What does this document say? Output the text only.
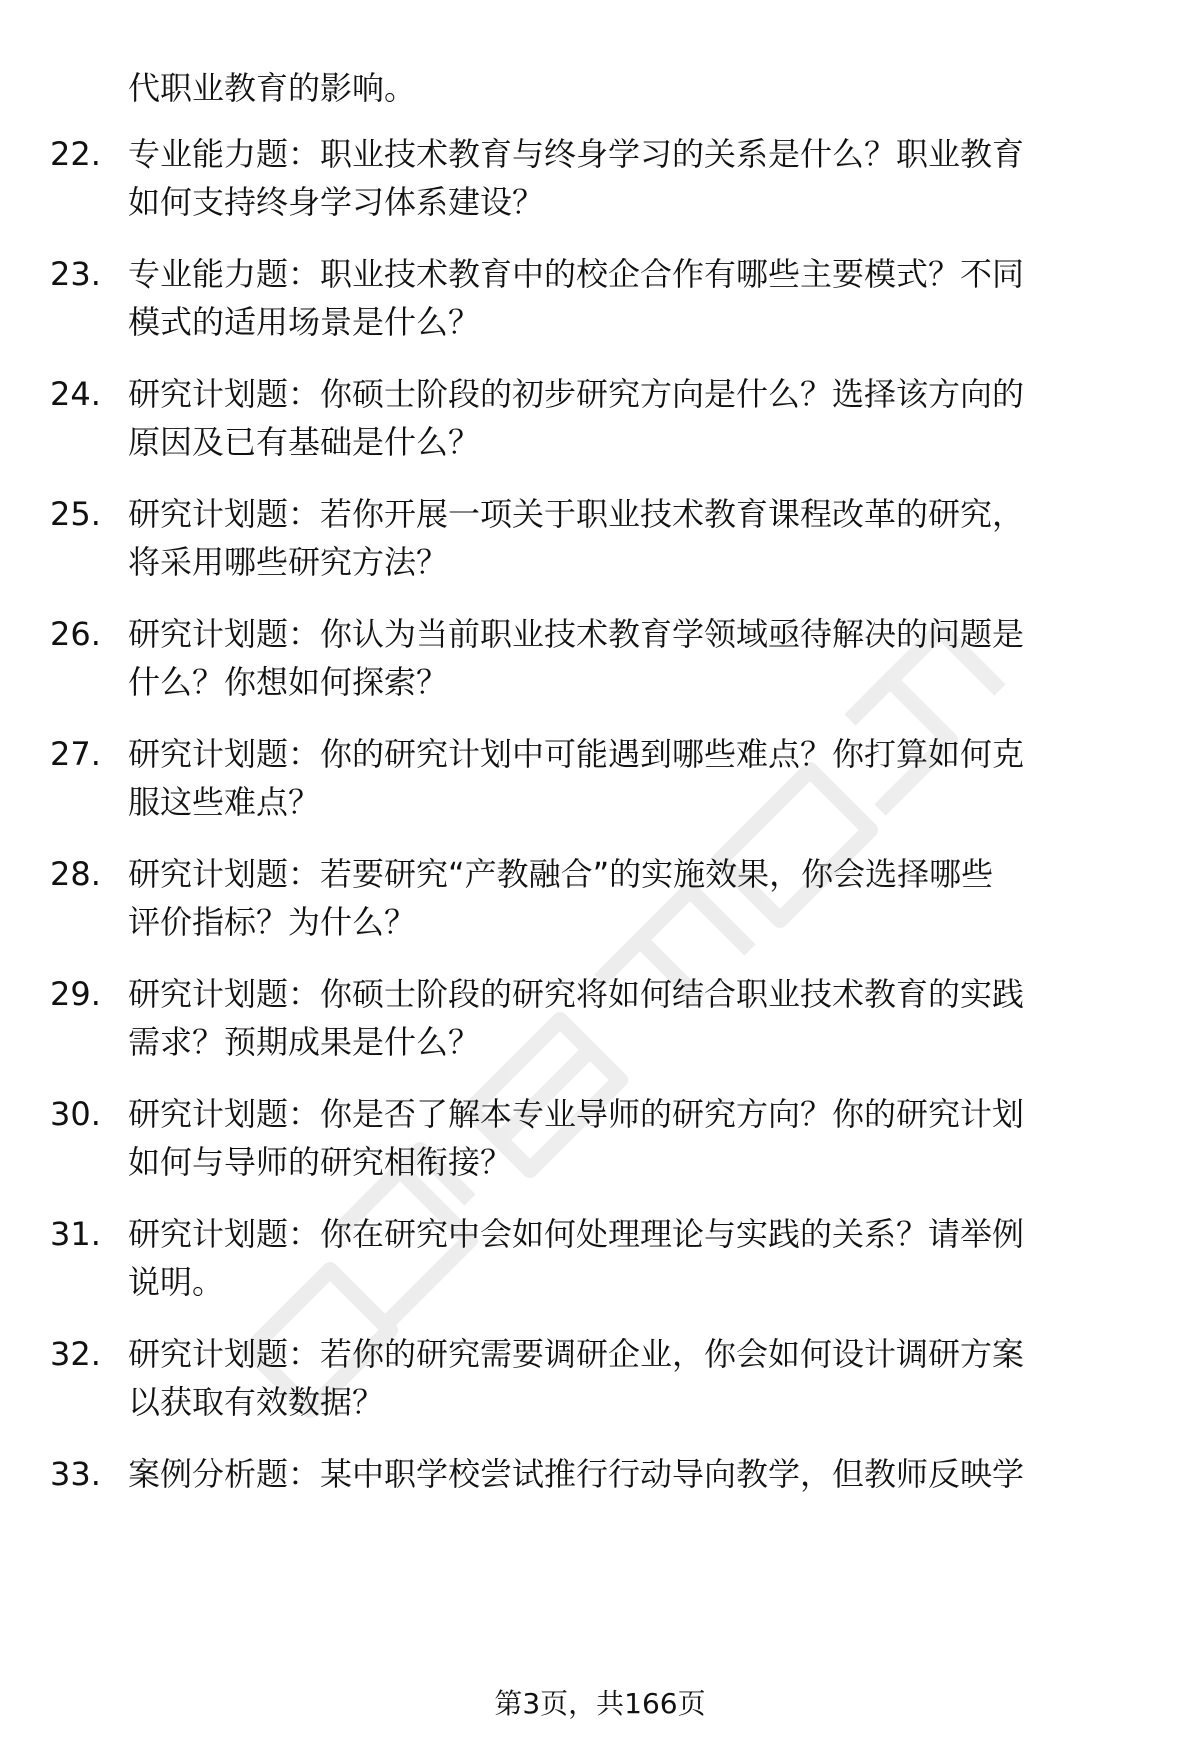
代职业教育的影响。
22. 专业能力题：职业技术教育与终身学习的关系是什么？职业教育
如何支持终身学习体系建设？
23. 专业能力题：职业技术教育中的校企合作有哪些主要模式？不同
模式的适用场景是什么？
24. 研究计划题：你硕士阶段的初步研究方向是什么？选择该方向的
原因及已有基础是什么？
25. 研究计划题：若你开展一项关于职业技术教育课程改革的研究，
将采用哪些研究方法？
26. 研究计划题：你认为当前职业技术教育学领域亟待解决的问题是
什么？你想如何探索？
27. 研究计划题：你的研究计划中可能遇到哪些难点？你打算如何克
服这些难点？
28. 研究计划题：若要研究“产教融合”的实施效果，你会选择哪些
评价指标？为什么？
29. 研究计划题：你硕士阶段的研究将如何结合职业技术教育的实践
需求？预期成果是什么？
30. 研究计划题：你是否了解本专业导师的研究方向？你的研究计划
如何与导师的研究相衔接？
31. 研究计划题：你在研究中会如何处理理论与实践的关系？请举例
说明。
32. 研究计划题：若你的研究需要调研企业，你会如何设计调研方案
以获取有效数据？
33. 案例分析题：某中职学校尝试推行行动导向教学，但教师反映学
第3页，共166页
